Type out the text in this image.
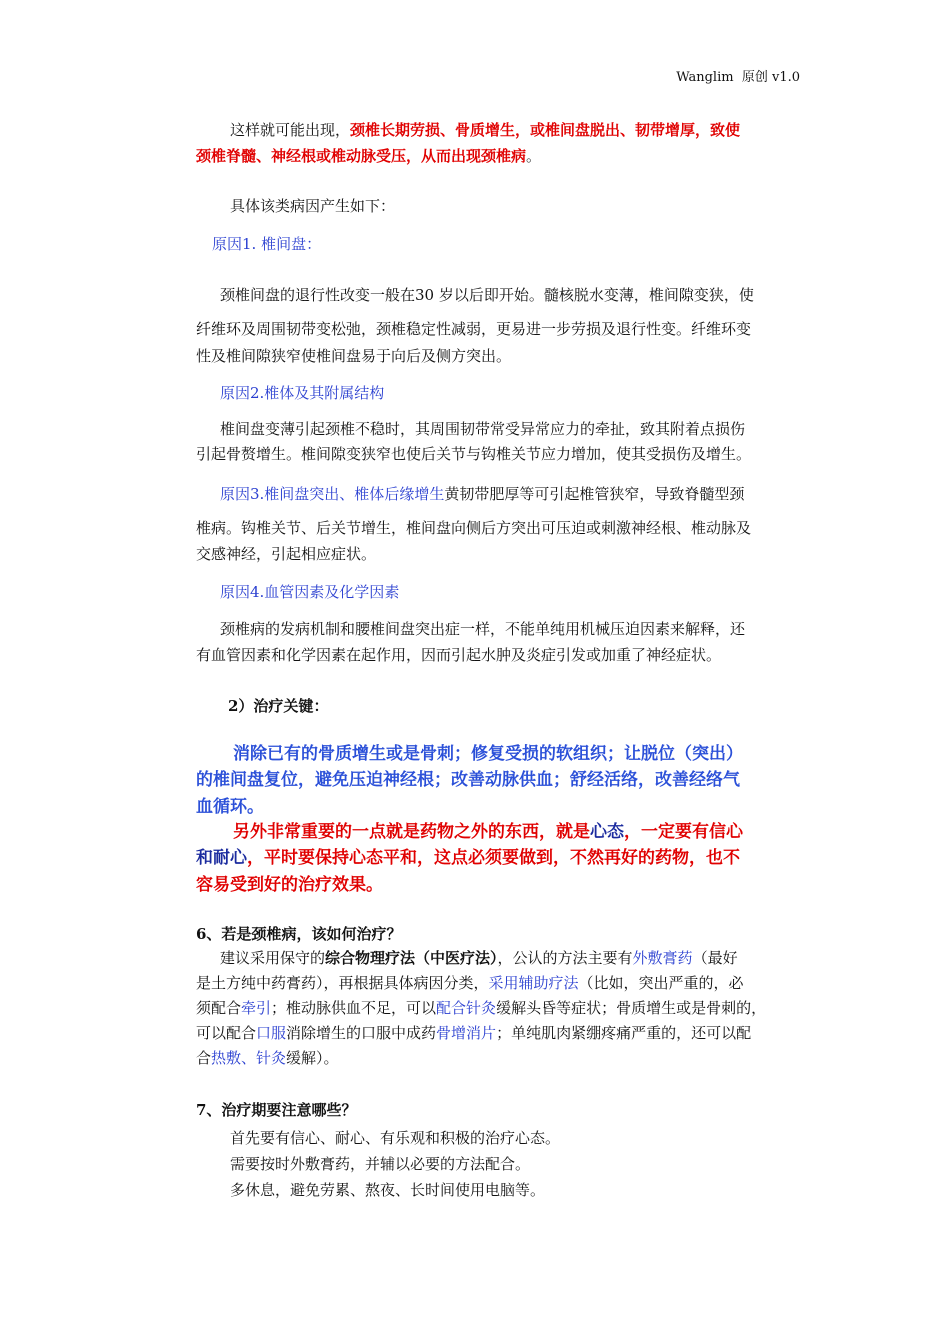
Wanglim 原创 v1.0
这样就可能出现，颈椎长期劳损、骨质增生，或椎间盘脱出、韧带增厚，致使
颈椎脊髓、神经根或椎动脉受压，从而出现颈椎病。
具体该类病因产生如下：
原因1. 椎间盘：
颈椎间盘的退行性改变一般在30 岁以后即开始。髓核脱水变薄，椎间隙变狭，使
纤维环及周围韧带变松弛，颈椎稳定性减弱，更易进一步劳损及退行性变。纤维环变
性及椎间隙狭窄使椎间盘易于向后及侧方突出。
原因2.椎体及其附属结构
椎间盘变薄引起颈椎不稳时，其周围韧带常受异常应力的牵扯，致其附着点损伤
引起骨赘增生。椎间隙变狭窄也使后关节与钩椎关节应力增加，使其受损伤及增生。
原因3.椎间盘突出、椎体后缘增生黄韧带肥厚等可引起椎管狭窄，导致脊髓型颈
椎病。钩椎关节、后关节增生，椎间盘向侧后方突出可压迫或刺激神经根、椎动脉及
交感神经，引起相应症状。
原因4.血管因素及化学因素
颈椎病的发病机制和腰椎间盘突出症一样，不能单纯用机械压迫因素来解释，还
有血管因素和化学因素在起作用，因而引起水肿及炎症引发或加重了神经症状。
2）治疗关键：
消除已有的骨质增生或是骨刺；修复受损的软组织；让脱位（突出）
的椎间盘复位，避免压迫神经根；改善动脉供血；舒经活络，改善经络气
血循环。
另外非常重要的一点就是药物之外的东西，就是心态，一定要有信心
和耐心，平时要保持心态平和，这点必须要做到，不然再好的药物，也不
容易受到好的治疗效果。
6、若是颈椎病，该如何治疗？
建议采用保守的综合物理疗法（中医疗法），公认的方法主要有外敷膏药（最好
是土方纯中药膏药），再根据具体病因分类，采用辅助疗法（比如，突出严重的，必
须配合牵引；椎动脉供血不足，可以配合针灸缓解头昏等症状；骨质增生或是骨刺的，
可以配合口服消除增生的口服中成药骨增消片；单纯肌肉紧绷疼痛严重的，还可以配
合热敷、针灸缓解）。
7、治疗期要注意哪些？
首先要有信心、耐心、有乐观和积极的治疗心态。
需要按时外敷膏药，并辅以必要的方法配合。
多休息，避免劳累、熬夜、长时间使用电脑等。
